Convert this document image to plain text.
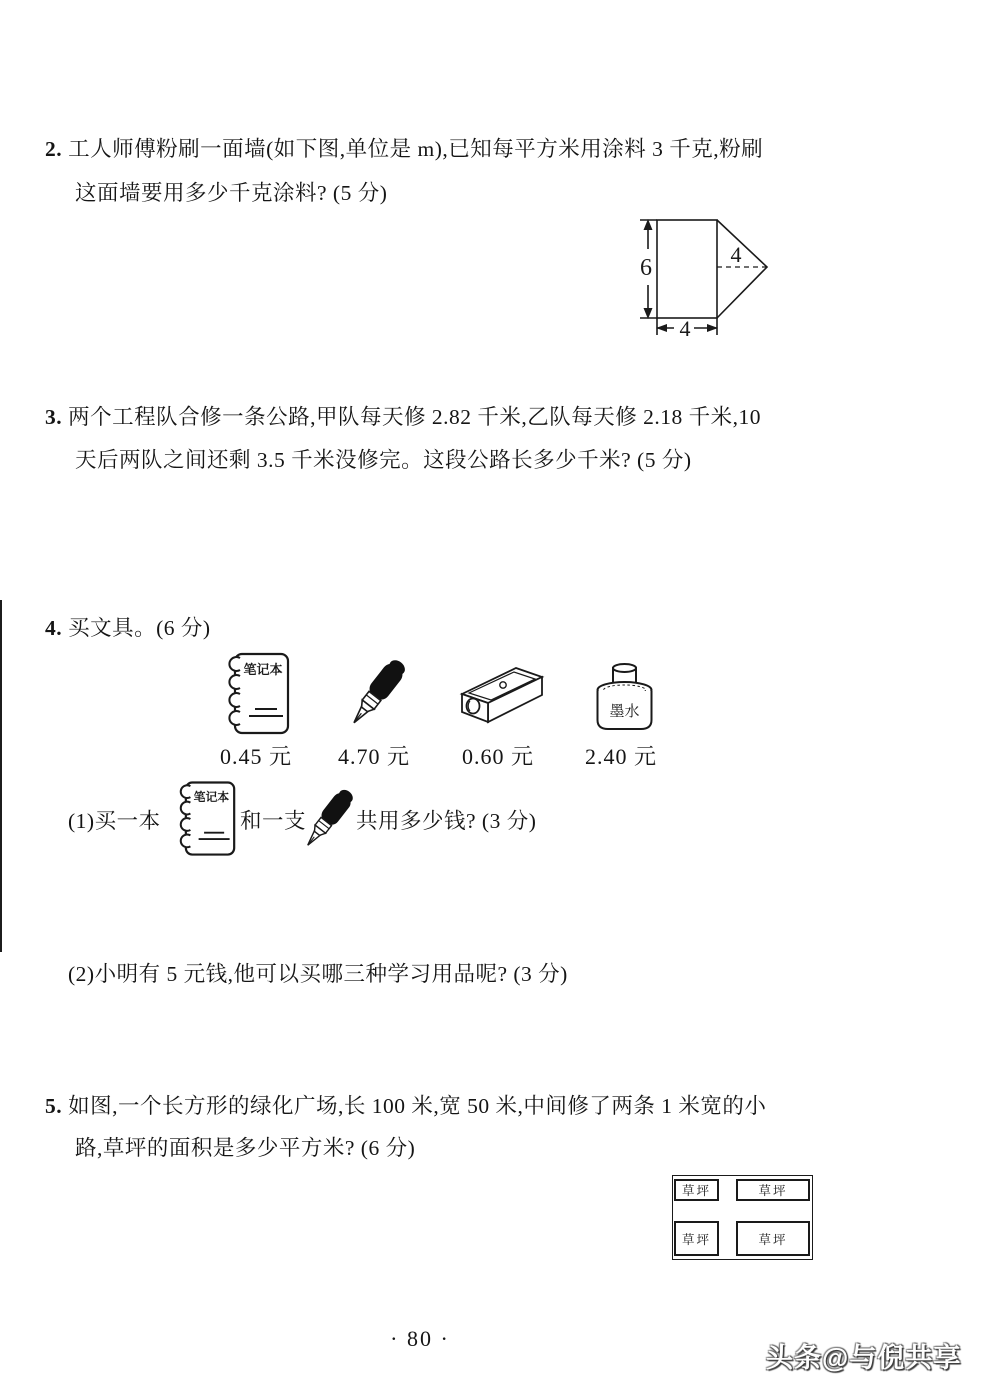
2. 工人师傅粉刷一面墙(如下图,单位是 m),已知每平方米用涂料 3 千克,粉刷
这面墙要用多少千克涂料? (5 分)
6
4
4
3. 两个工程队合修一条公路,甲队每天修 2.82 千米,乙队每天修 2.18 千米,10
天后两队之间还剩 3.5 千米没修完。这段公路长多少千米? (5 分)
4. 买文具。(6 分)
笔记本
墨水
0.45 元 4.70 元 0.60 元 2.40 元
(1)买一本
笔记本
和一支 共用多少钱? (3 分)
(2)小明有 5 元钱,他可以买哪三种学习用品呢? (3 分)
5. 如图,一个长方形的绿化广场,长 100 米,宽 50 米,中间修了两条 1 米宽的小
路,草坪的面积是多少平方米? (6 分)
草坪	草坪
草坪	草坪
· 80 ·
头条@与倪共享
